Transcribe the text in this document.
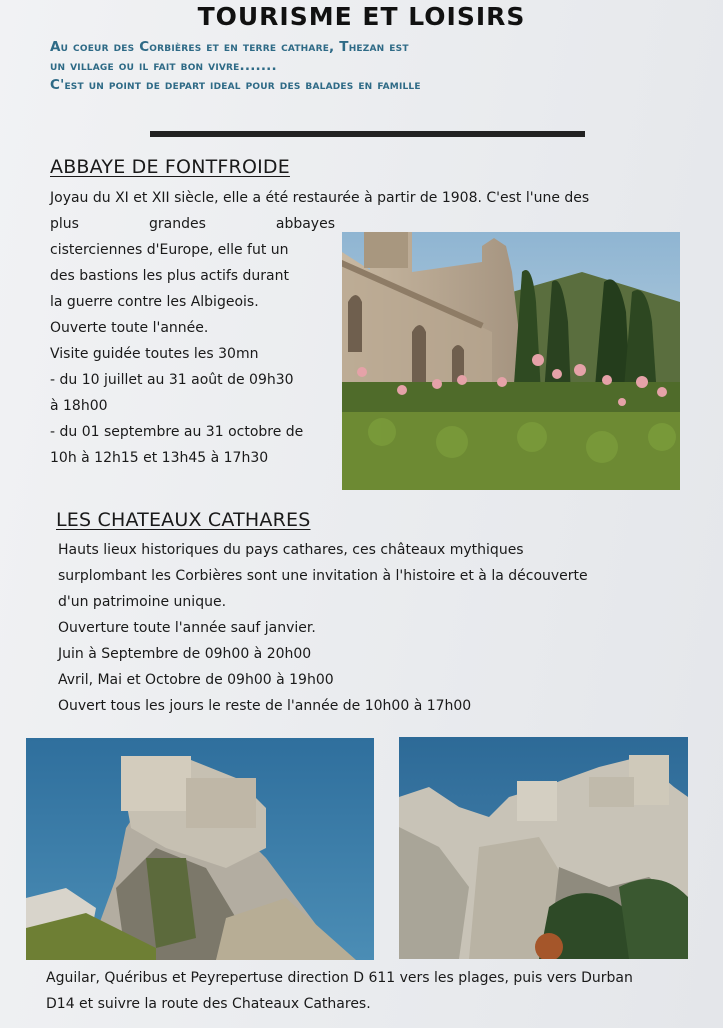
TOURISME ET LOISIRS
Au coeur des Corbières et en terre cathare, Thezan est
un village ou il fait bon vivre.......
C'est un point de depart ideal pour des balades en famille
ABBAYE DE FONTFROIDE
Joyau du XI et XII siècle, elle a été restaurée à partir de 1908. C'est l'une des
plus	grandes	abbayes
cisterciennes d'Europe, elle fut un
des bastions les plus actifs durant
la guerre contre les Albigeois.
Ouverte toute l'année.
Visite guidée toutes les 30mn
- du 10 juillet au 31 août de 09h30
à 18h00
- du 01 septembre au 31 octobre de
10h à 12h15 et 13h45 à 17h30
LES CHATEAUX CATHARES
Hauts lieux historiques du pays cathares, ces châteaux mythiques
surplombant les Corbières sont une invitation à l'histoire et à la découverte
d'un patrimoine unique.
Ouverture toute l'année sauf janvier.
Juin à Septembre de 09h00 à 20h00
Avril, Mai et Octobre de 09h00 à 19h00
Ouvert tous les jours le reste de l'année de 10h00 à 17h00
Aguilar, Quéribus et Peyrepertuse direction D 611 vers les plages, puis vers Durban
D14 et suivre la route des Chateaux Cathares.
